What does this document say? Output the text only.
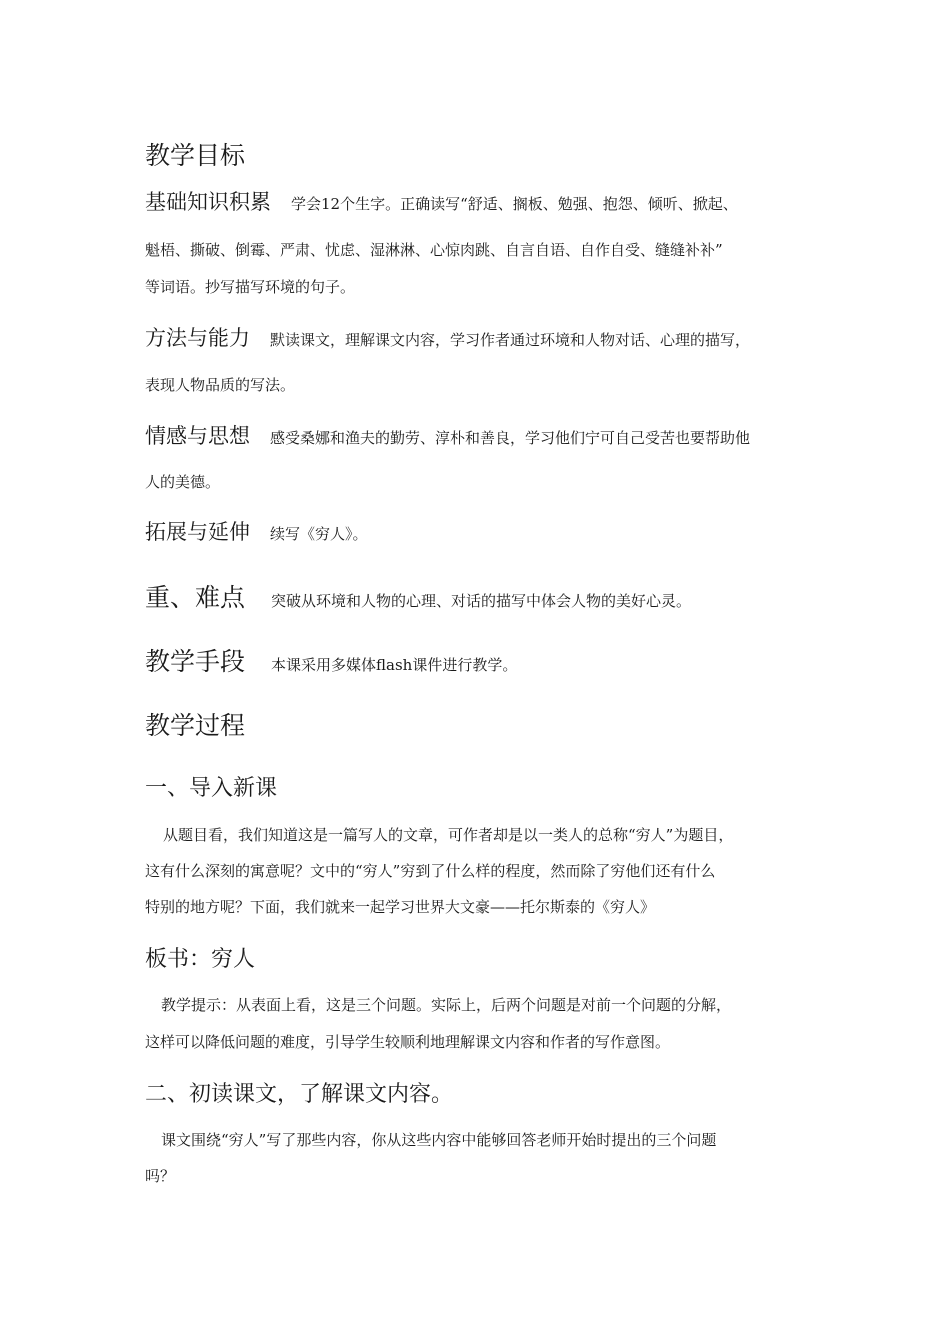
教学目标
基础知识积累 学会12个生字。正确读写“舒适、搁板、勉强、抱怨、倾听、掀起、
魁梧、撕破、倒霉、严肃、忧虑、湿淋淋、心惊肉跳、自言自语、自作自受、缝缝补补”
等词语。抄写描写环境的句子。
方法与能力 默读课文，理解课文内容，学习作者通过环境和人物对话、心理的描写，
表现人物品质的写法。
情感与思想 感受桑娜和渔夫的勤劳、淳朴和善良，学习他们宁可自己受苦也要帮助他
人的美德。
拓展与延伸 续写《穷人》。
重、难点 突破从环境和人物的心理、对话的描写中体会人物的美好心灵。
教学手段 本课采用多媒体flash课件进行教学。
教学过程
一、导入新课
从题目看，我们知道这是一篇写人的文章，可作者却是以一类人的总称“穷人”为题目，
这有什么深刻的寓意呢？文中的“穷人”穷到了什么样的程度，然而除了穷他们还有什么
特别的地方呢？下面，我们就来一起学习世界大文豪——托尔斯泰的《穷人》
板书：穷人
教学提示：从表面上看，这是三个问题。实际上，后两个问题是对前一个问题的分解，
这样可以降低问题的难度，引导学生较顺利地理解课文内容和作者的写作意图。
二、初读课文，了解课文内容。
课文围绕“穷人”写了那些内容，你从这些内容中能够回答老师开始时提出的三个问题
吗？
